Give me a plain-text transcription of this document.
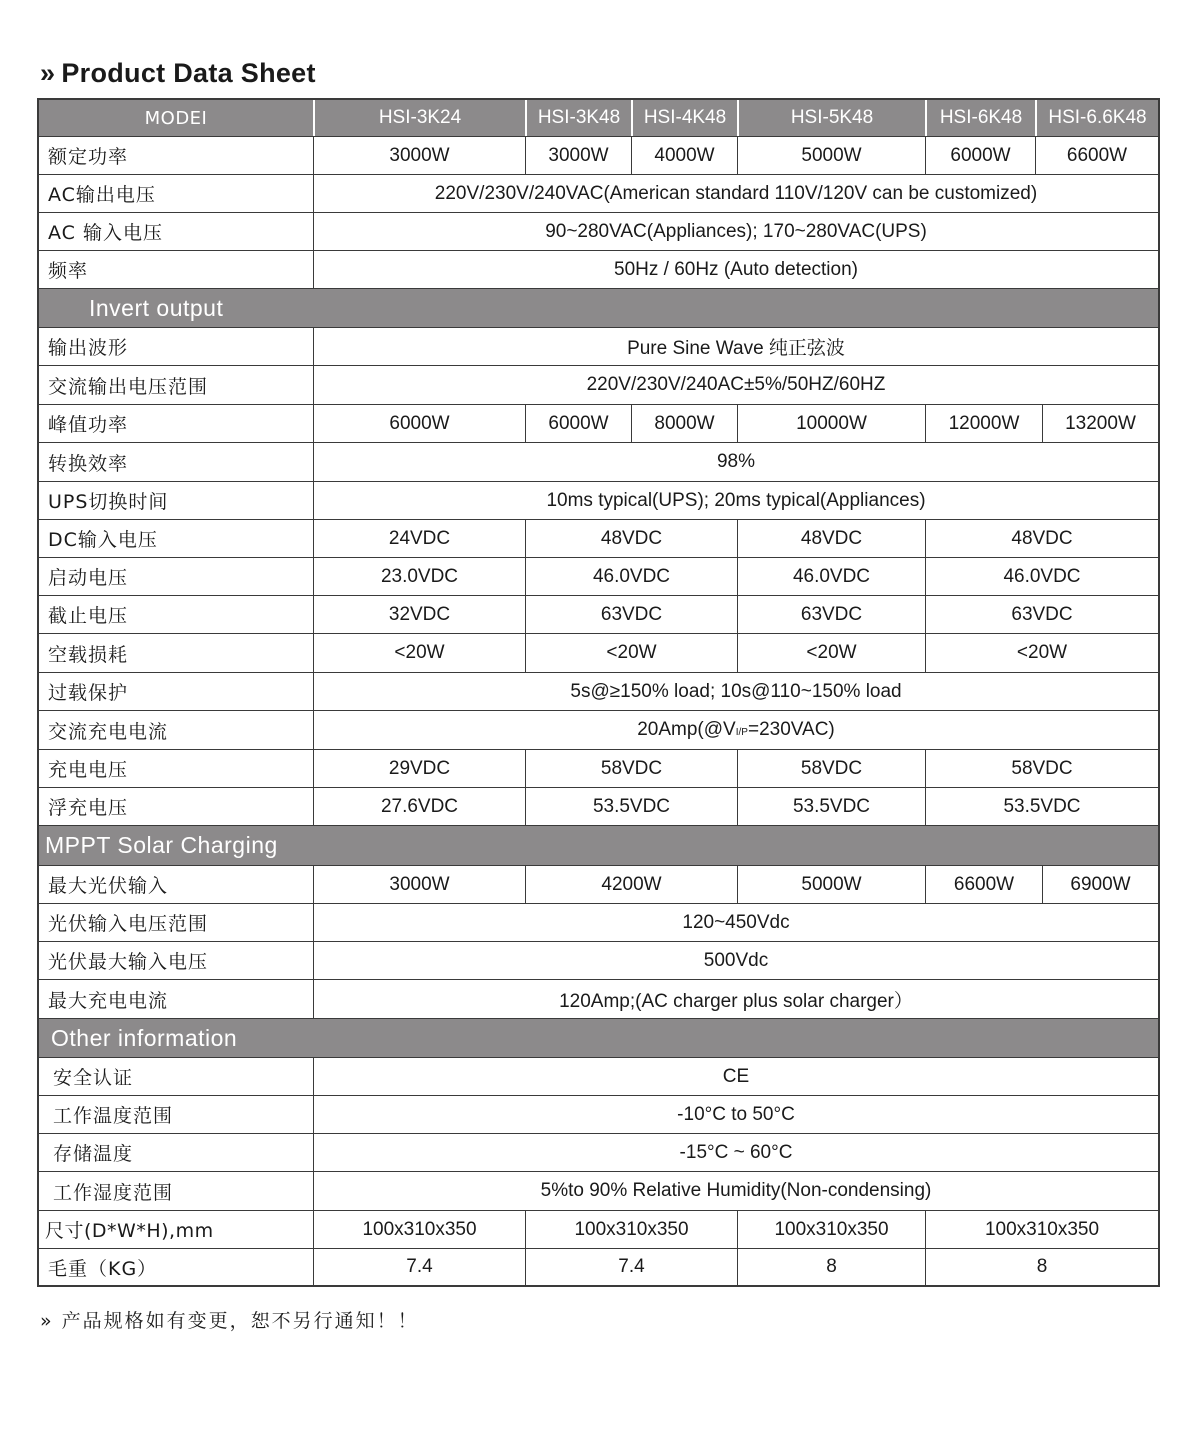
» Product Data Sheet
MODEI	HSI-3K24	HSI-3K48	HSI-4K48	HSI-5K48	HSI-6K48	HSI-6.6K48
额定功率	3000W	3000W	4000W	5000W	6000W	6600W
AC输出电压	220V/230V/240VAC(American standard 110V/120V can be customized)
AC 输入电压	90~280VAC(Appliances); 170~280VAC(UPS)
频率	50Hz / 60Hz (Auto detection)
Invert output
输出波形	Pure Sine Wave 纯正弦波
交流输出电压范围	220V/230V/240AC±5%/50HZ/60HZ
峰值功率	6000W	6000W	8000W	10000W	12000W	13200W
转换效率	98%
UPS切换时间	10ms typical(UPS); 20ms typical(Appliances)
DC输入电压	24VDC	48VDC	48VDC	48VDC
启动电压	23.0VDC	46.0VDC	46.0VDC	46.0VDC
截止电压	32VDC	63VDC	63VDC	63VDC
空载损耗	<20W	<20W	<20W	<20W
过载保护	5s@≥150% load; 10s@110~150% load
交流充电电流	$20Amp(@V_{I/P} =230VAC)$
充电电压	29VDC	58VDC	58VDC	58VDC
浮充电压	27.6VDC	53.5VDC	53.5VDC	53.5VDC
MPPT Solar Charging
最大光伏输入	3000W	4200W	5000W	6600W	6900W
光伏输入电压范围	120~450Vdc
光伏最大输入电压	500Vdc
最大充电电流	120Amp;(AC charger plus solar charger）
Other information
安全认证	CE
工作温度范围	-10°C to 50°C
存储温度	-15°C ~ 60°C
工作湿度范围	5%to 90% Relative Humidity(Non-condensing)
尺寸(D*W*H),mm	100x310x350	100x310x350	100x310x350	100x310x350
毛重（KG）	7.4	7.4	8	8
» 产品规格如有变更，恕不另行通知！！
